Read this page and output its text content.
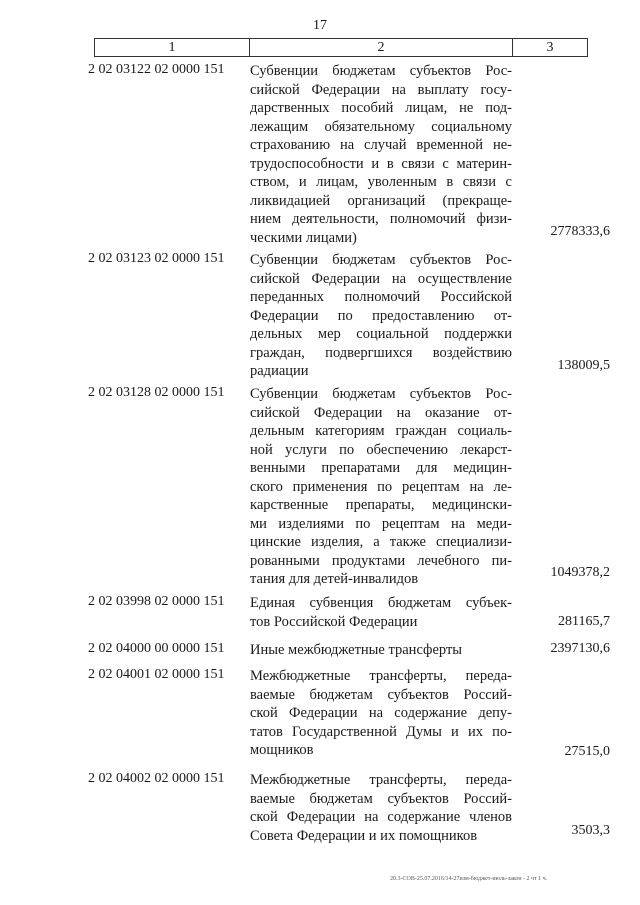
17
1	2	3
2 02 03122 02 0000 151 Субвенции бюджетам субъектов Рос-
сийской Федерации на выплату госу-
дарственных пособий лицам, не под-
лежащим обязательному социальному
страхованию на случай временной не-
трудоспособности и в связи с материн-
ством, и лицам, уволенным в связи с
ликвидацией организаций (прекраще-
нием деятельности, полномочий физи-
ческими лицами)	2778333,6
2 02 03123 02 0000 151 Субвенции бюджетам субъектов Рос-
сийской Федерации на осуществление
переданных полномочий Российской
Федерации по предоставлению от-
дельных мер социальной поддержки
граждан, подвергшихся воздействию
радиации	138009,5
2 02 03128 02 0000 151 Субвенции бюджетам субъектов Рос-
сийской Федерации на оказание от-
дельным категориям граждан социаль-
ной услуги по обеспечению лекарст-
венными препаратами для медицин-
ского применения по рецептам на ле-
карственные препараты, медицински-
ми изделиями по рецептам на меди-
цинские изделия, а также специализи-
рованными продуктами лечебного пи-
тания для детей-инвалидов	1049378,2
2 02 03998 02 0000 151 Единая субвенция бюджетам субъек-
тов Российской Федерации	281165,7
2 02 04000 00 0000 151 Иные межбюджетные трансферты	2397130,6
2 02 04001 02 0000 151 Межбюджетные трансферты, переда-
ваемые бюджетам субъектов Россий-
ской Федерации на содержание депу-
татов Государственной Думы и их по-
мощников	27515,0
2 02 04002 02 0000 151 Межбюджетные трансферты, переда-
ваемые бюджетам субъектов Россий-
ской Федерации на содержание членов
Совета Федерации и их помощников	3503,3
20.3-СОВ-25.07.2016/14-27изм-бюджет-июль-закон - 2 чт 1 ч.
